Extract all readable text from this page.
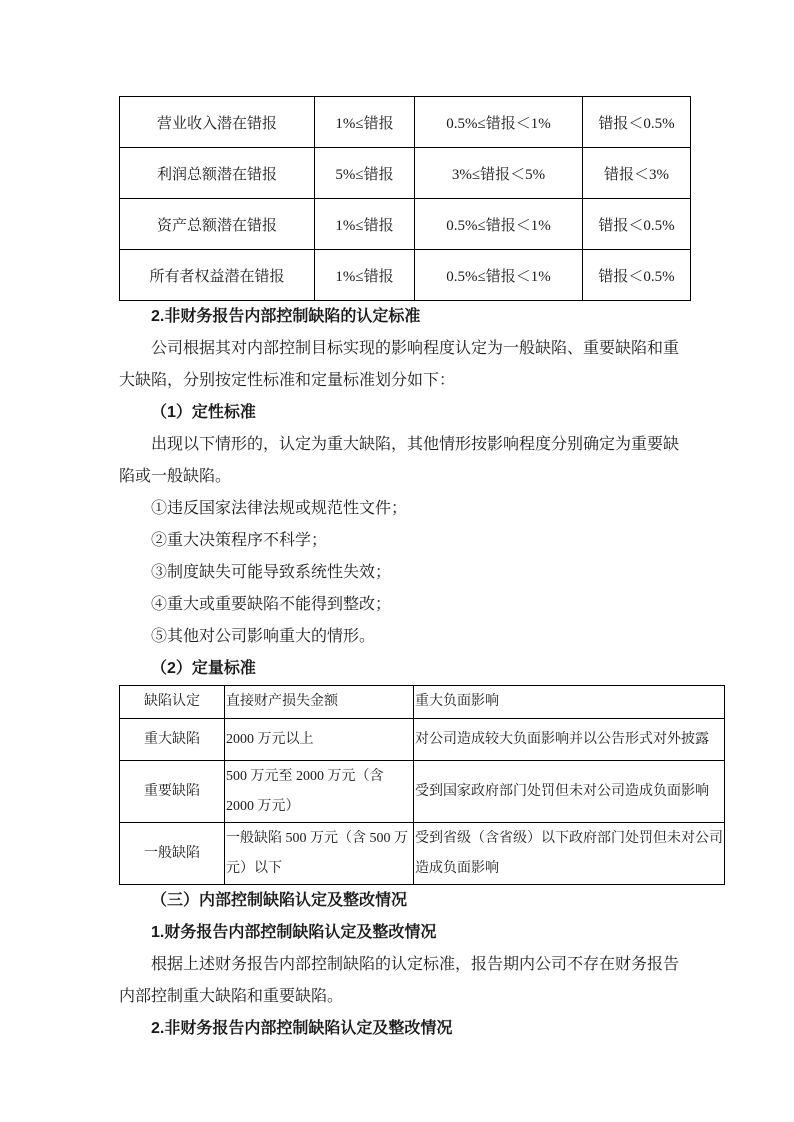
营业收入潜在错报	1%≤错报	0.5%≤错报＜1%	错报＜0.5%
利润总额潜在错报	5%≤错报	3%≤错报＜5%	错报＜3%
资产总额潜在错报	1%≤错报	0.5%≤错报＜1%	错报＜0.5%
所有者权益潜在错报	1%≤错报	0.5%≤错报＜1%	错报＜0.5%
2.非财务报告内部控制缺陷的认定标准

公司根据其对内部控制目标实现的影响程度认定为一般缺陷、重要缺陷和重大缺陷，分别按定性标准和定量标准划分如下：

（1）定性标准

出现以下情形的，认定为重大缺陷，其他情形按影响程度分别确定为重要缺陷或一般缺陷。

①违反国家法律法规或规范性文件；
②重大决策程序不科学；
③制度缺失可能导致系统性失效；
④重大或重要缺陷不能得到整改；
⑤其他对公司影响重大的情形。
（2）定量标准
缺陷认定	直接财产损失金额	重大负面影响
重大缺陷	2000 万元以上	对公司造成较大负面影响并以公告形式对外披露
重要缺陷	500 万元至 2000 万元（含 2000 万元）	受到国家政府部门处罚但未对公司造成负面影响
一般缺陷	一般缺陷 500 万元（含 500 万元）以下	受到省级（含省级）以下政府部门处罚但未对公司造成负面影响
（三）内部控制缺陷认定及整改情况
1.财务报告内部控制缺陷认定及整改情况

根据上述财务报告内部控制缺陷的认定标准，报告期内公司不存在财务报告内部控制重大缺陷和重要缺陷。

2.非财务报告内部控制缺陷认定及整改情况
